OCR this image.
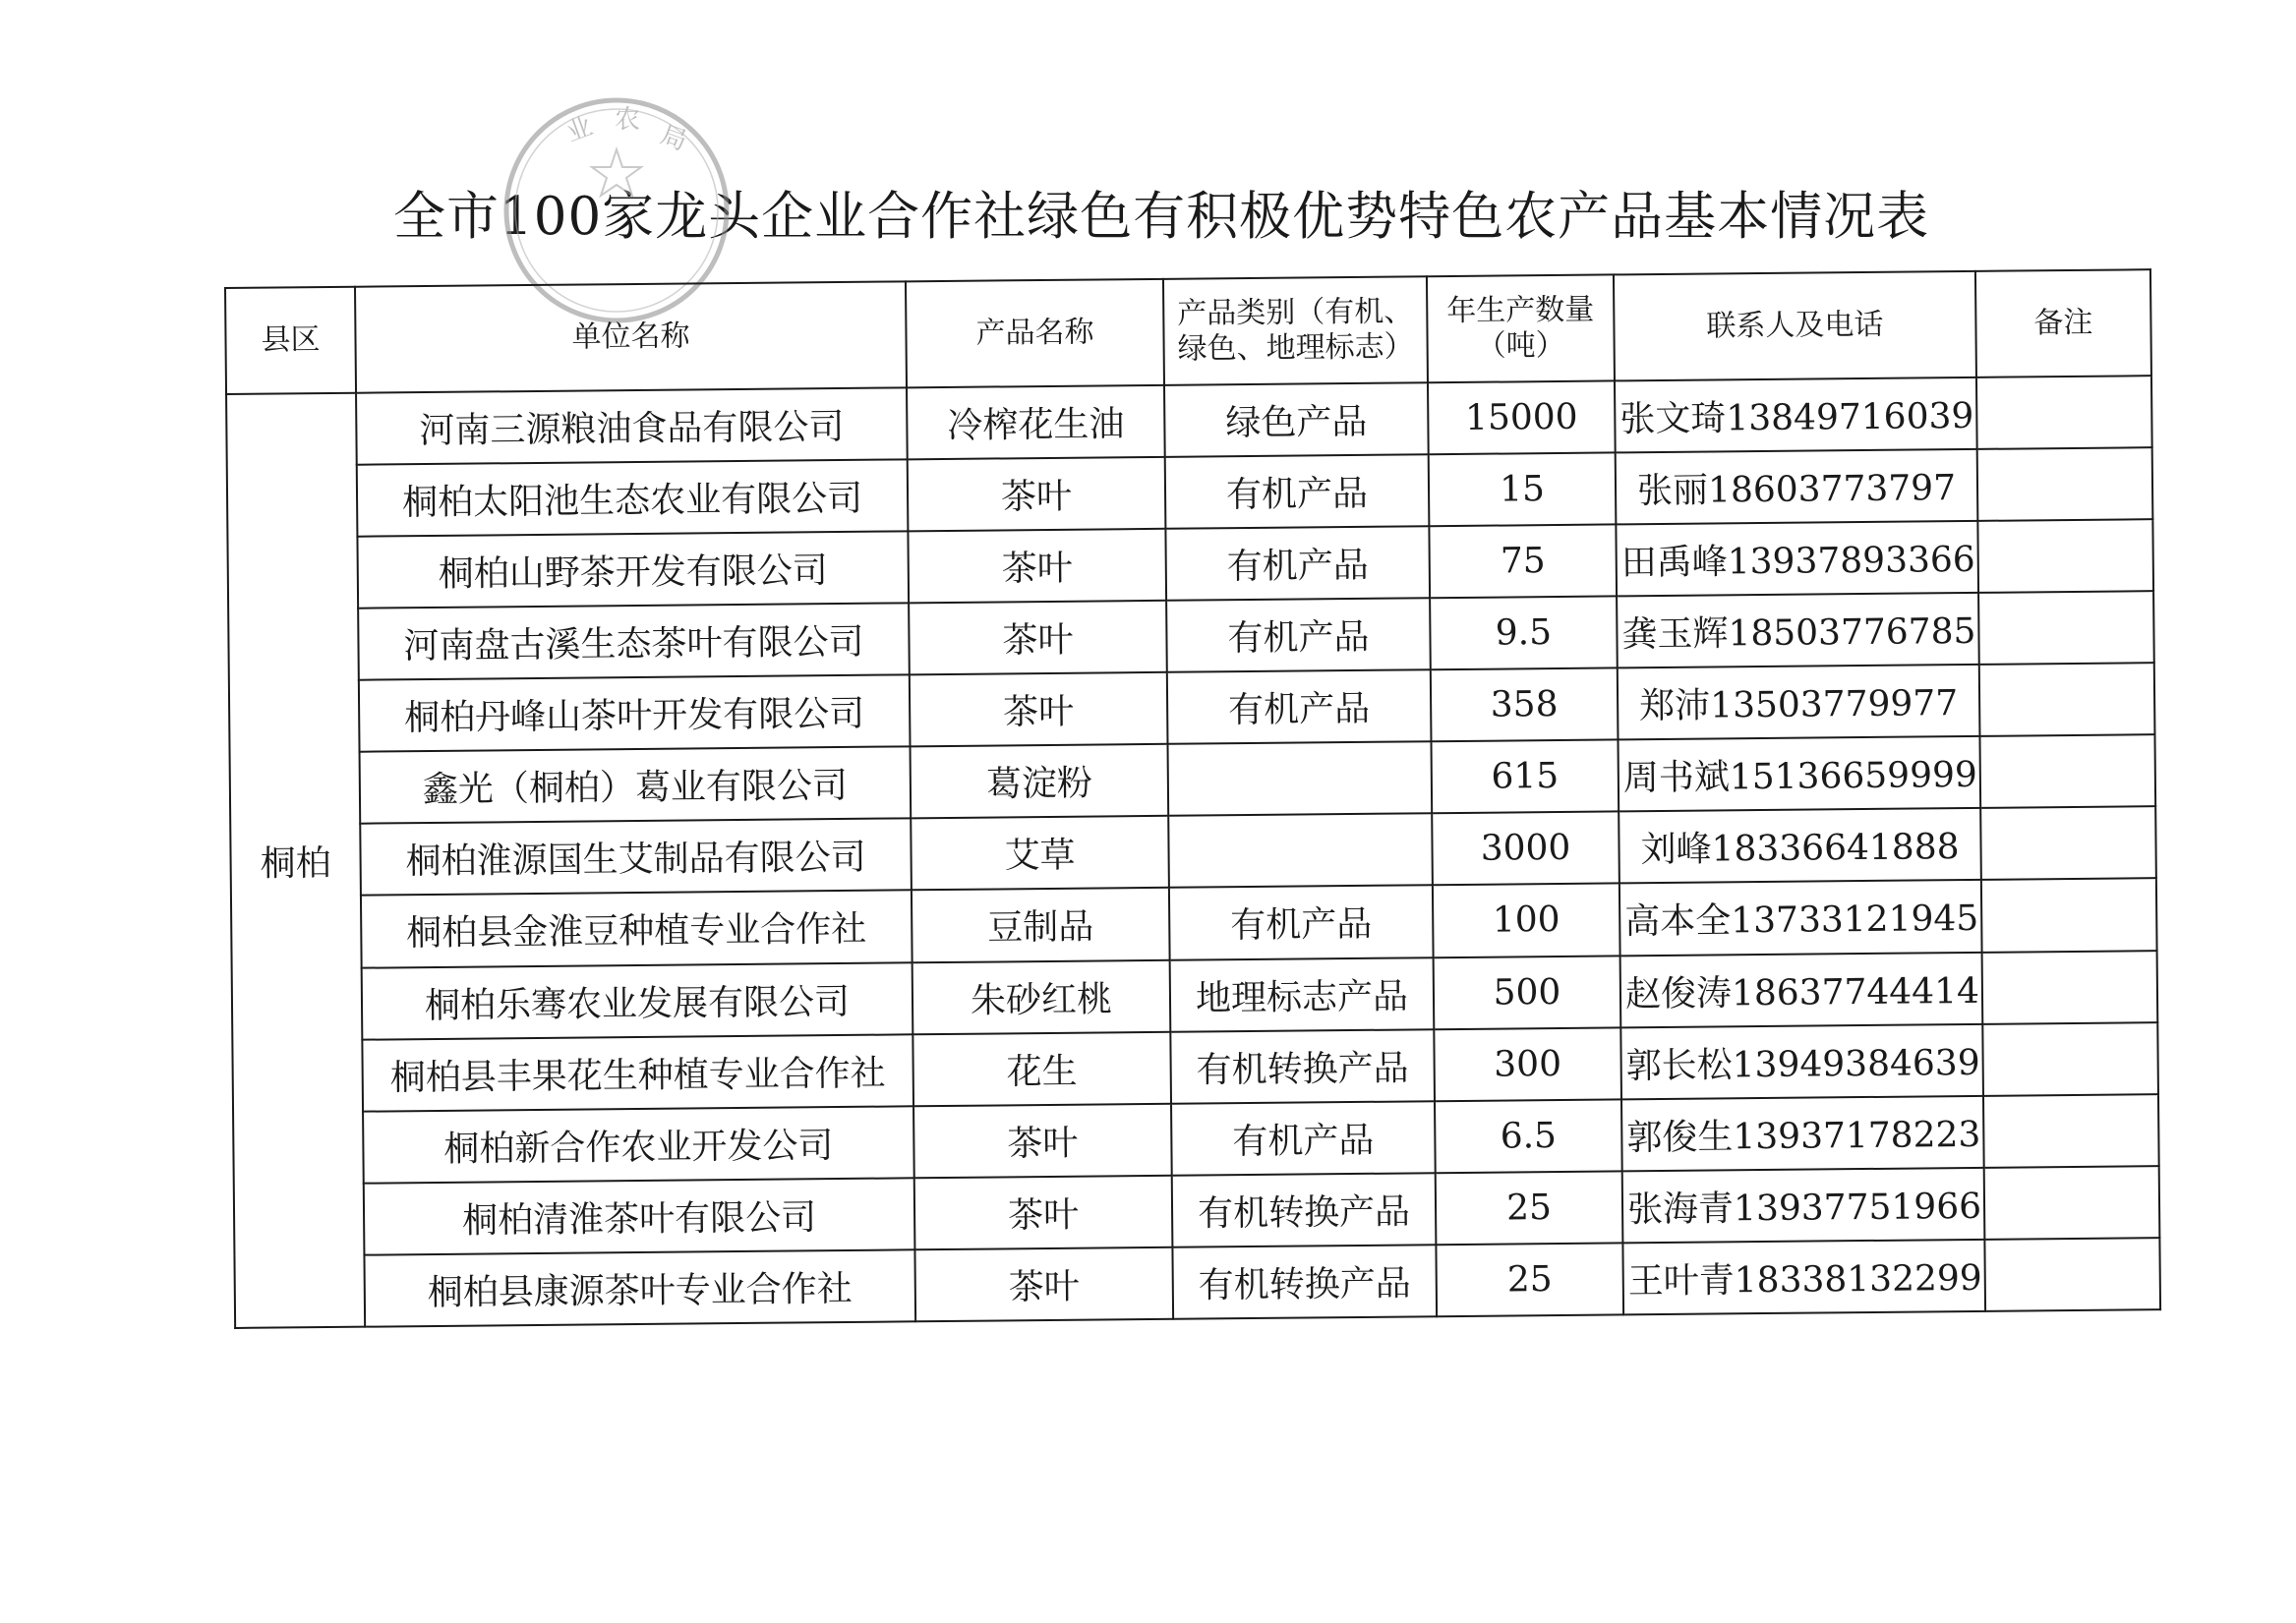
全市100家龙头企业合作社绿色有积极优势特色农产品基本情况表
业 农
局
县区	单位名称	产品名称	产品类别（有机、绿色、地理标志）	年生产数量（吨）	联系人及电话	备注
桐柏	河南三源粮油食品有限公司	冷榨花生油	绿色产品	15000	张文琦13849716039	
	桐柏太阳池生态农业有限公司	茶叶	有机产品	15	张丽18603773797	
	桐柏山野茶开发有限公司	茶叶	有机产品	75	田禹峰13937893366	
	河南盘古溪生态茶叶有限公司	茶叶	有机产品	9.5	龚玉辉18503776785	
	桐柏丹峰山茶叶开发有限公司	茶叶	有机产品	358	郑沛13503779977	
	鑫光（桐柏）葛业有限公司	葛淀粉		615	周书斌15136659999	
	桐柏淮源国生艾制品有限公司	艾草		3000	刘峰18336641888	
	桐柏县金淮豆种植专业合作社	豆制品	有机产品	100	高本全13733121945	
	桐柏乐骞农业发展有限公司	朱砂红桃	地理标志产品	500	赵俊涛18637744414	
	桐柏县丰果花生种植专业合作社	花生	有机转换产品	300	郭长松13949384639	
	桐柏新合作农业开发公司	茶叶	有机产品	6.5	郭俊生13937178223	
	桐柏清淮茶叶有限公司	茶叶	有机转换产品	25	张海青13937751966	
	桐柏县康源茶叶专业合作社	茶叶	有机转换产品	25	王叶青18338132299	
